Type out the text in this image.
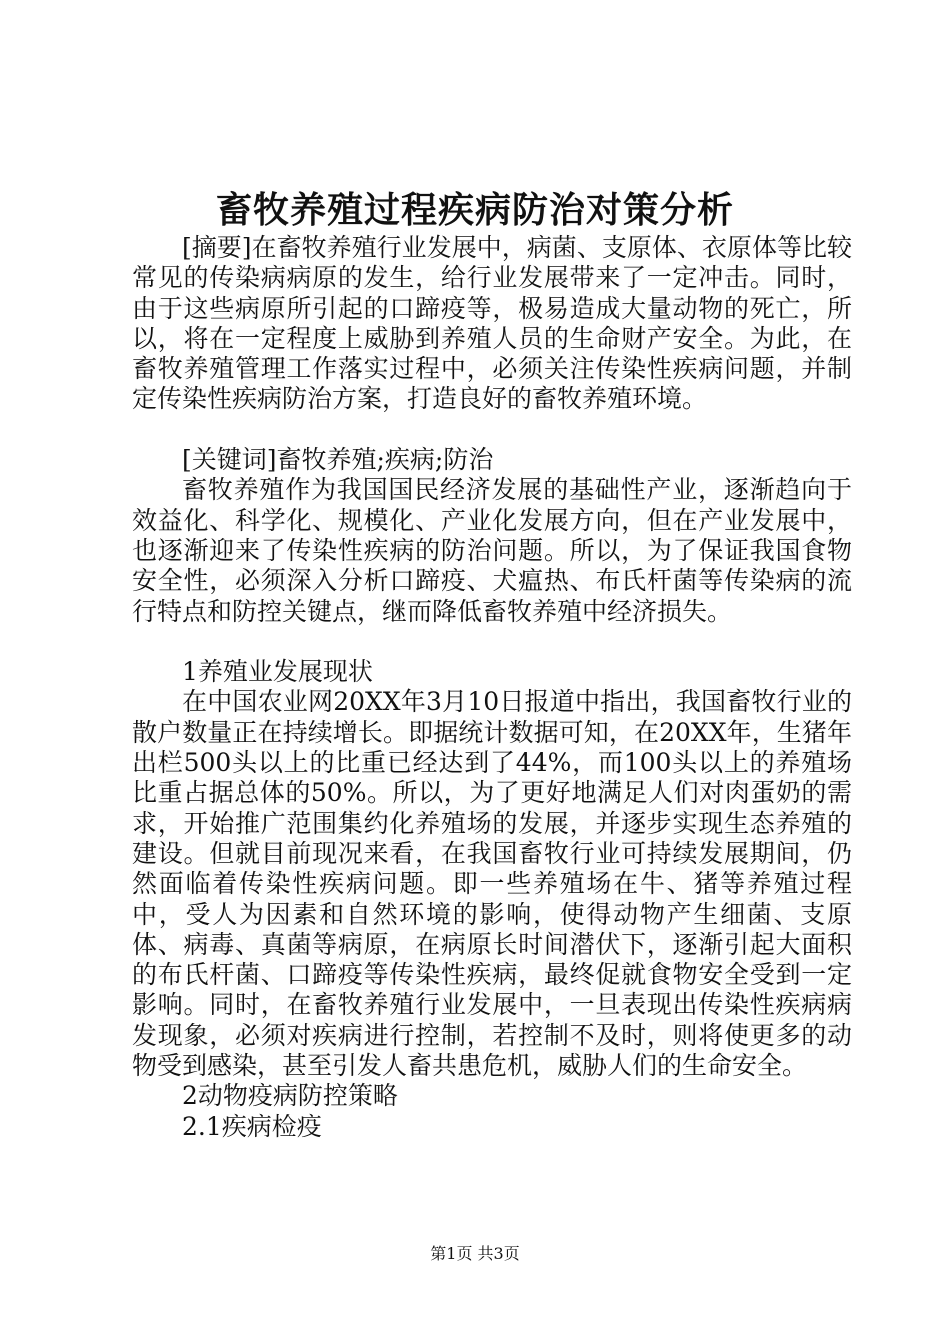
畜牧养殖过程疾病防治对策分析

[摘要]在畜牧养殖行业发展中，病菌、支原体、衣原体等比较常见的传染病病原的发生，给行业发展带来了一定冲击。同时，由于这些病原所引起的口蹄疫等，极易造成大量动物的死亡，所以，将在一定程度上威胁到养殖人员的生命财产安全。为此，在畜牧养殖管理工作落实过程中，必须关注传染性疾病问题，并制定传染性疾病防治方案，打造良好的畜牧养殖环境。

[关键词]畜牧养殖;疾病;防治

畜牧养殖作为我国国民经济发展的基础性产业，逐渐趋向于效益化、科学化、规模化、产业化发展方向，但在产业发展中，也逐渐迎来了传染性疾病的防治问题。所以，为了保证我国食物安全性，必须深入分析口蹄疫、犬瘟热、布氏杆菌等传染病的流行特点和防控关键点，继而降低畜牧养殖中经济损失。

1养殖业发展现状

在中国农业网20XX年3月10日报道中指出，我国畜牧行业的散户数量正在持续增长。即据统计数据可知，在20XX年，生猪年出栏500头以上的比重已经达到了44%，而100头以上的养殖场比重占据总体的50%。所以，为了更好地满足人们对肉蛋奶的需求，开始推广范围集约化养殖场的发展，并逐步实现生态养殖的建设。但就目前现况来看，在我国畜牧行业可持续发展期间，仍然面临着传染性疾病问题。即一些养殖场在牛、猪等养殖过程中，受人为因素和自然环境的影响，使得动物产生细菌、支原体、病毒、真菌等病原，在病原长时间潜伏下，逐渐引起大面积的布氏杆菌、口蹄疫等传染性疾病，最终促就食物安全受到一定影响。同时，在畜牧养殖行业发展中，一旦表现出传染性疾病病发现象，必须对疾病进行控制，若控制不及时，则将使更多的动物受到感染，甚至引发人畜共患危机，威胁人们的生命安全。

2动物疫病防控策略

2.1疾病检疫

第1页 共3页
